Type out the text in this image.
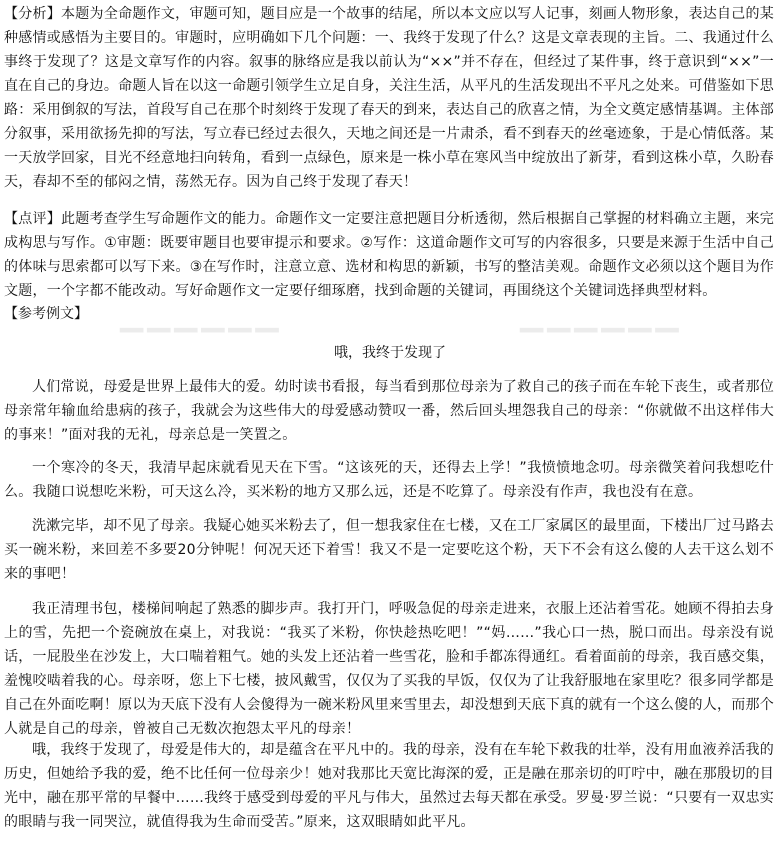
▁▁▁▁▁▁	▁▁▁▁▁▁

【分析】本题为全命题作文，审题可知，题目应是一个故事的结尾，所以本文应以写人记事，刻画人物形象，表达自己的某种感情或感悟为主要目的。审题时，应明确如下几个问题：一、我终于发现了什么？这是文章表现的主旨。二、我通过什么事终于发现了？这是文章写作的内容。叙事的脉络应是我以前认为“××”并不存在，但经过了某件事，终于意识到“××”一直在自己的身边。命题人旨在以这一命题引领学生立足自身，关注生活，从平凡的生活发现出不平凡之处来。可借鉴如下思路：采用倒叙的写法，首段写自己在那个时刻终于发现了春天的到来，表达自己的欣喜之情，为全文奠定感情基调。主体部分叙事，采用欲扬先抑的写法，写立春已经过去很久，天地之间还是一片肃杀，看不到春天的丝毫迹象，于是心情低落。某一天放学回家，目光不经意地扫向转角，看到一点绿色，原来是一株小草在寒风当中绽放出了新芽，看到这株小草，久盼春天，春却不至的郁闷之情，荡然无存。因为自己终于发现了春天！

【点评】此题考查学生写命题作文的能力。命题作文一定要注意把题目分析透彻，然后根据自己掌握的材料确立主题，来完成构思与写作。①审题：既要审题目也要审提示和要求。②写作：这道命题作文可写的内容很多，只要是来源于生活中自己的体味与思索都可以写下来。③在写作时，注意立意、选材和构思的新颖，书写的整洁美观。命题作文必须以这个题目为作文题，一个字都不能改动。写好命题作文一定要仔细琢磨，找到命题的关键词，再围绕这个关键词选择典型材料。

【参考例文】

哦，我终于发现了

人们常说，母爱是世界上最伟大的爱。幼时读书看报，每当看到那位母亲为了救自己的孩子而在车轮下丧生，或者那位母亲常年输血给患病的孩子，我就会为这些伟大的母爱感动赞叹一番，然后回头埋怨我自己的母亲：“你就做不出这样伟大的事来！”面对我的无礼，母亲总是一笑置之。

一个寒冷的冬天，我清早起床就看见天在下雪。“这该死的天，还得去上学！”我愤愤地念叨。母亲微笑着问我想吃什么。我随口说想吃米粉，可天这么冷，买米粉的地方又那么远，还是不吃算了。母亲没有作声，我也没有在意。

洗漱完毕，却不见了母亲。我疑心她买米粉去了，但一想我家住在七楼，又在工厂家属区的最里面，下楼出厂过马路去买一碗米粉，来回差不多要20分钟呢！何况天还下着雪！我又不是一定要吃这个粉，天下不会有这么傻的人去干这么划不来的事吧！

我正清理书包，楼梯间响起了熟悉的脚步声。我打开门，呼吸急促的母亲走进来，衣服上还沾着雪花。她顾不得拍去身上的雪，先把一个瓷碗放在桌上，对我说：“我买了米粉，你快趁热吃吧！”“妈……”我心口一热，脱口而出。母亲没有说话，一屁股坐在沙发上，大口喘着粗气。她的头发上还沾着一些雪花，脸和手都冻得通红。看着面前的母亲，我百感交集，羞愧咬啮着我的心。母亲呀，您上下七楼，披风戴雪，仅仅为了买我的早饭，仅仅为了让我舒服地在家里吃？很多同学都是自己在外面吃啊！原以为天底下没有人会傻得为一碗米粉风里来雪里去，却没想到天底下真的就有一个这么傻的人，而那个人就是自己的母亲，曾被自己无数次抱怨太平凡的母亲！

哦，我终于发现了，母爱是伟大的，却是蕴含在平凡中的。我的母亲，没有在车轮下救我的壮举，没有用血液养活我的历史，但她给予我的爱，绝不比任何一位母亲少！她对我那比天宽比海深的爱，正是融在那亲切的叮咛中，融在那殷切的目光中，融在那平常的早餐中……我终于感受到母爱的平凡与伟大，虽然过去每天都在承受。罗曼·罗兰说：“只要有一双忠实的眼睛与我一同哭泣，就值得我为生命而受苦。”原来，这双眼睛如此平凡。
